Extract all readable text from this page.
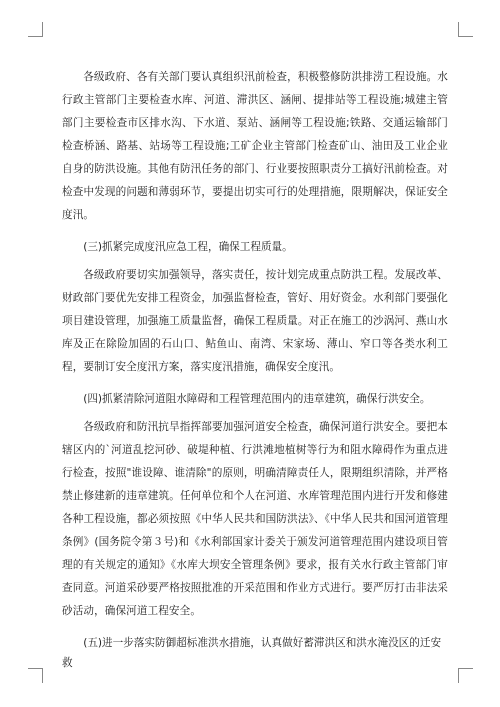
各级政府、各有关部门要认真组织汛前检查，积极整修防洪排涝工程设施。水行政主管部门主要检查水库、河道、滞洪区、涵闸、提排站等工程设施;城建主管部门主要检查市区排水沟、下水道、泵站、涵闸等工程设施;铁路、交通运输部门检查桥涵、路基、站场等工程设施;工矿企业主管部门检查矿山、油田及工业企业自身的防洪设施。其他有防汛任务的部门、行业要按照职责分工搞好汛前检查。对检查中发现的问题和薄弱环节，要提出切实可行的处理措施，限期解决，保证安全度汛。

(三)抓紧完成度汛应急工程，确保工程质量。

各级政府要切实加强领导，落实责任，按计划完成重点防洪工程。发展改革、财政部门要优先安排工程资金，加强监督检查，管好、用好资金。水利部门要强化项目建设管理，加强施工质量监督，确保工程质量。对正在施工的沙涡河、燕山水库及正在除险加固的石山口、鲇鱼山、南湾、宋家场、薄山、窄口等各类水利工程，要制订安全度汛方案，落实度汛措施，确保安全度汛。

(四)抓紧清除河道阻水障碍和工程管理范围内的违章建筑，确保行洪安全。

各级政府和防汛抗旱指挥部要加强河道安全检查，确保河道行洪安全。要把本辖区内的`河道乱挖河砂、破堤种植、行洪滩地植树等行为和阻水障碍作为重点进行检查，按照"谁设障、谁清除"的原则，明确清障责任人，限期组织清除，并严格禁止修建新的违章建筑。任何单位和个人在河道、水库管理范围内进行开发和修建各种工程设施，都必须按照《中华人民共和国防洪法》、《中华人民共和国河道管理条例》(国务院令第３号)和《水利部国家计委关于颁发河道管理范围内建设项目管理的有关规定的通知》《水库大坝安全管理条例》要求，报有关水行政主管部门审查同意。河道采砂要严格按照批准的开采范围和作业方式进行。要严厉打击非法采砂活动，确保河道工程安全。

(五)进一步落实防御超标准洪水措施，认真做好蓄滞洪区和洪水淹没区的迁安救
